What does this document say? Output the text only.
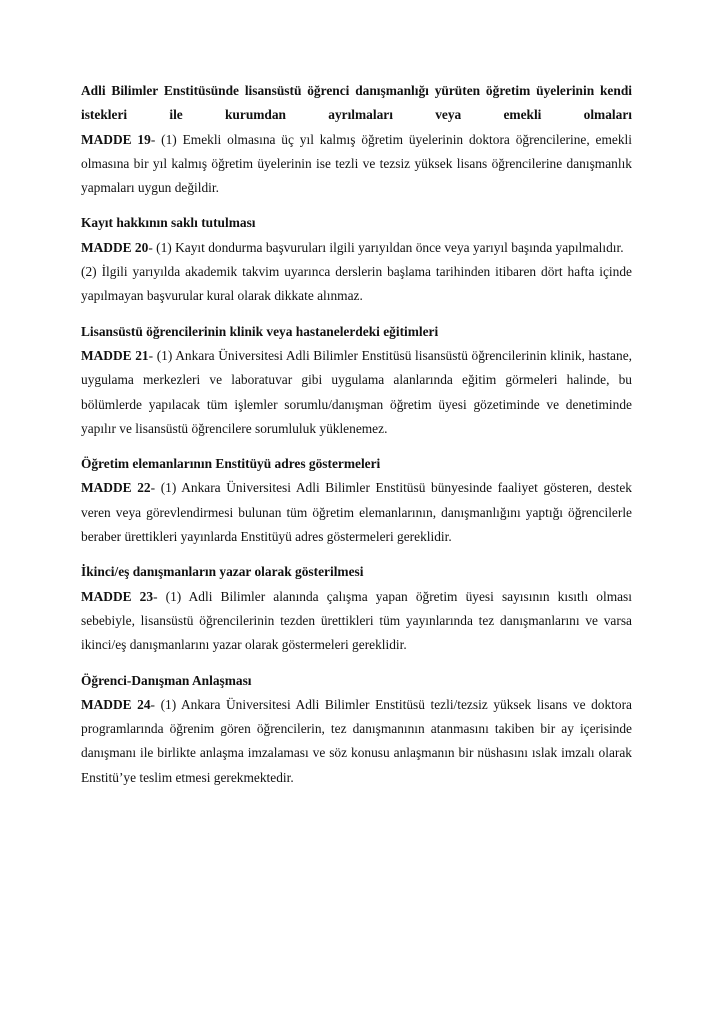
Adli Bilimler Enstitüsünde lisansüstü öğrenci danışmanlığı yürüten öğretim üyelerinin kendi istekleri ile kurumdan ayrılmaları veya emekli olmaları

MADDE 19- (1) Emekli olmasına üç yıl kalmış öğretim üyelerinin doktora öğrencilerine, emekli olmasına bir yıl kalmış öğretim üyelerinin ise tezli ve tezsiz yüksek lisans öğrencilerine danışmanlık yapmaları uygun değildir.

Kayıt hakkının saklı tutulması

MADDE 20- (1) Kayıt dondurma başvuruları ilgili yarıyıldan önce veya yarıyıl başında yapılmalıdır.

(2) İlgili yarıyılda akademik takvim uyarınca derslerin başlama tarihinden itibaren dört hafta içinde yapılmayan başvurular kural olarak dikkate alınmaz.

Lisansüstü öğrencilerinin klinik veya hastanelerdeki eğitimleri

MADDE 21- (1) Ankara Üniversitesi Adli Bilimler Enstitüsü lisansüstü öğrencilerinin klinik, hastane, uygulama merkezleri ve laboratuvar gibi uygulama alanlarında eğitim görmeleri halinde, bu bölümlerde yapılacak tüm işlemler sorumlu/danışman öğretim üyesi gözetiminde ve denetiminde yapılır ve lisansüstü öğrencilere sorumluluk yüklenemez.

Öğretim elemanlarının Enstitüyü adres göstermeleri

MADDE 22- (1) Ankara Üniversitesi Adli Bilimler Enstitüsü bünyesinde faaliyet gösteren, destek veren veya görevlendirmesi bulunan tüm öğretim elemanlarının, danışmanlığını yaptığı öğrencilerle beraber ürettikleri yayınlarda Enstitüyü adres göstermeleri gereklidir.

İkinci/eş danışmanların yazar olarak gösterilmesi

MADDE 23- (1) Adli Bilimler alanında çalışma yapan öğretim üyesi sayısının kısıtlı olması sebebiyle, lisansüstü öğrencilerinin tezden ürettikleri tüm yayınlarında tez danışmanlarını ve varsa ikinci/eş danışmanlarını yazar olarak göstermeleri gereklidir.

Öğrenci-Danışman Anlaşması

MADDE 24- (1) Ankara Üniversitesi Adli Bilimler Enstitüsü tezli/tezsiz yüksek lisans ve doktora programlarında öğrenim gören öğrencilerin, tez danışmanının atanmasını takiben bir ay içerisinde danışmanı ile birlikte anlaşma imzalaması ve söz konusu anlaşmanın bir nüshasını ıslak imzalı olarak Enstitü’ye teslim etmesi gerekmektedir.
